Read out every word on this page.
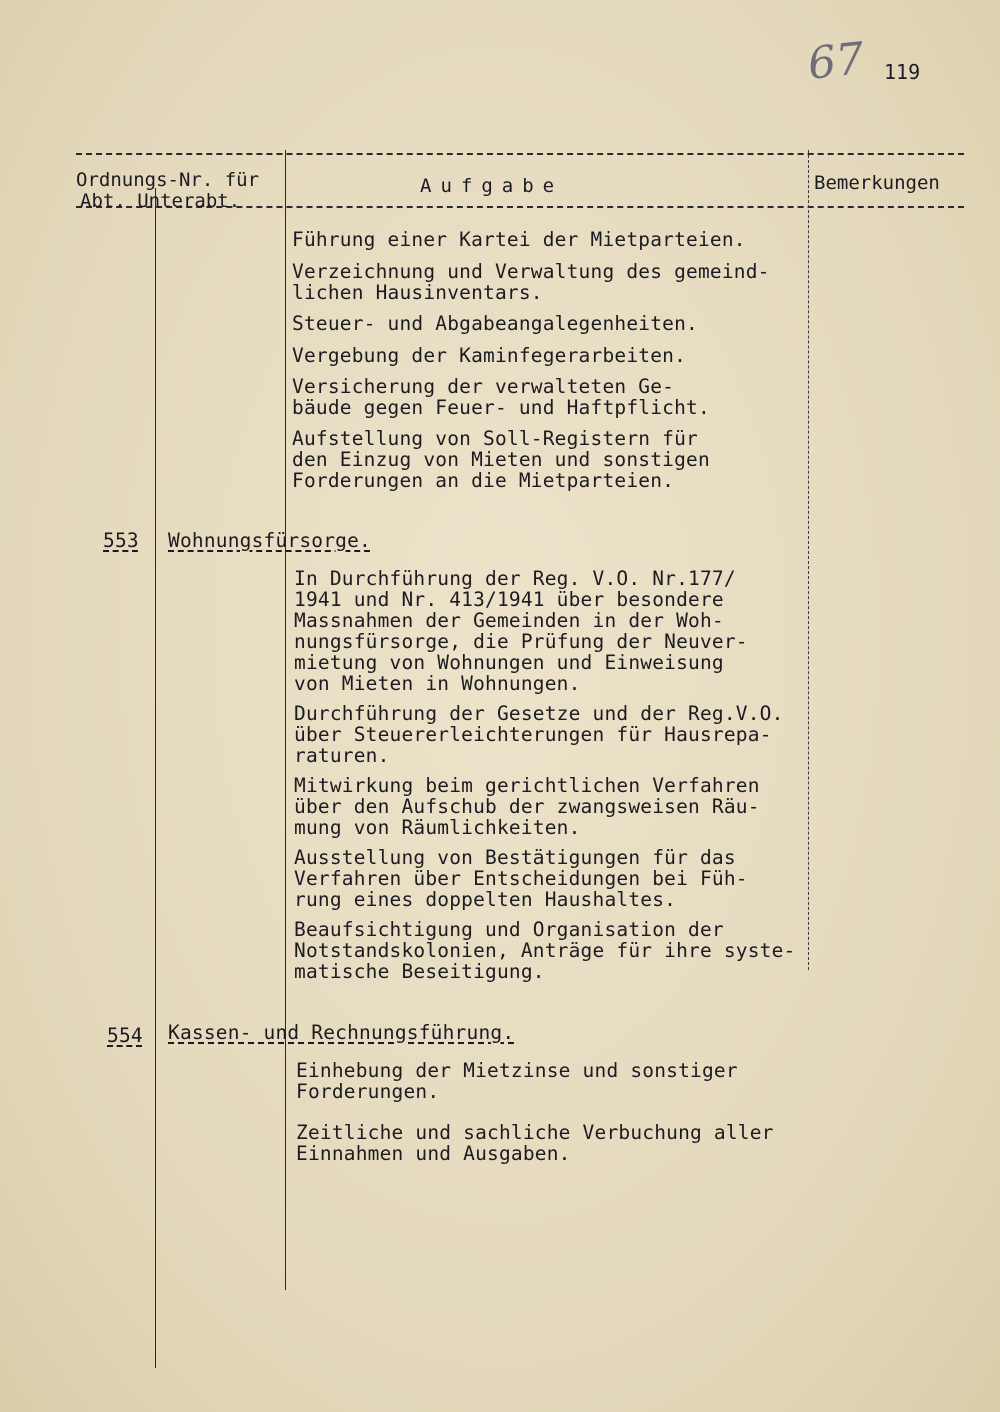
67 119
Ordnungs-Nr. für
Abt. Unterabt.
Aufgabe	Bemerkungen

Führung einer Kartei der Mietparteien.

Verzeichnung und Verwaltung des gemeind-
lichen Hausinventars.

Steuer- und Abgabeangalegenheiten.

Vergebung der Kaminfegerarbeiten.

Versicherung der verwalteten Ge-
bäude gegen Feuer- und Haftpflicht.

Aufstellung von Soll-Registern für
den Einzug von Mieten und sonstigen
Forderungen an die Mietparteien.

553 Wohnungsfürsorge.

In Durchführung der Reg. V.O. Nr.177/
1941 und Nr. 413/1941 über besondere
Massnahmen der Gemeinden in der Woh-
nungsfürsorge, die Prüfung der Neuver-
mietung von Wohnungen und Einweisung
von Mieten in Wohnungen.

Durchführung der Gesetze und der Reg.V.O.
über Steuererleichterungen für Hausrepa-
raturen.

Mitwirkung beim gerichtlichen Verfahren
über den Aufschub der zwangsweisen Räu-
mung von Räumlichkeiten.

Ausstellung von Bestätigungen für das
Verfahren über Entscheidungen bei Füh-
rung eines doppelten Haushaltes.

Beaufsichtigung und Organisation der
Notstandskolonien, Anträge für ihre syste-
matische Beseitigung.

554 Kassen- und Rechnungsführung.

Einhebung der Mietzinse und sonstiger
Forderungen.

Zeitliche und sachliche Verbuchung aller
Einnahmen und Ausgaben.
